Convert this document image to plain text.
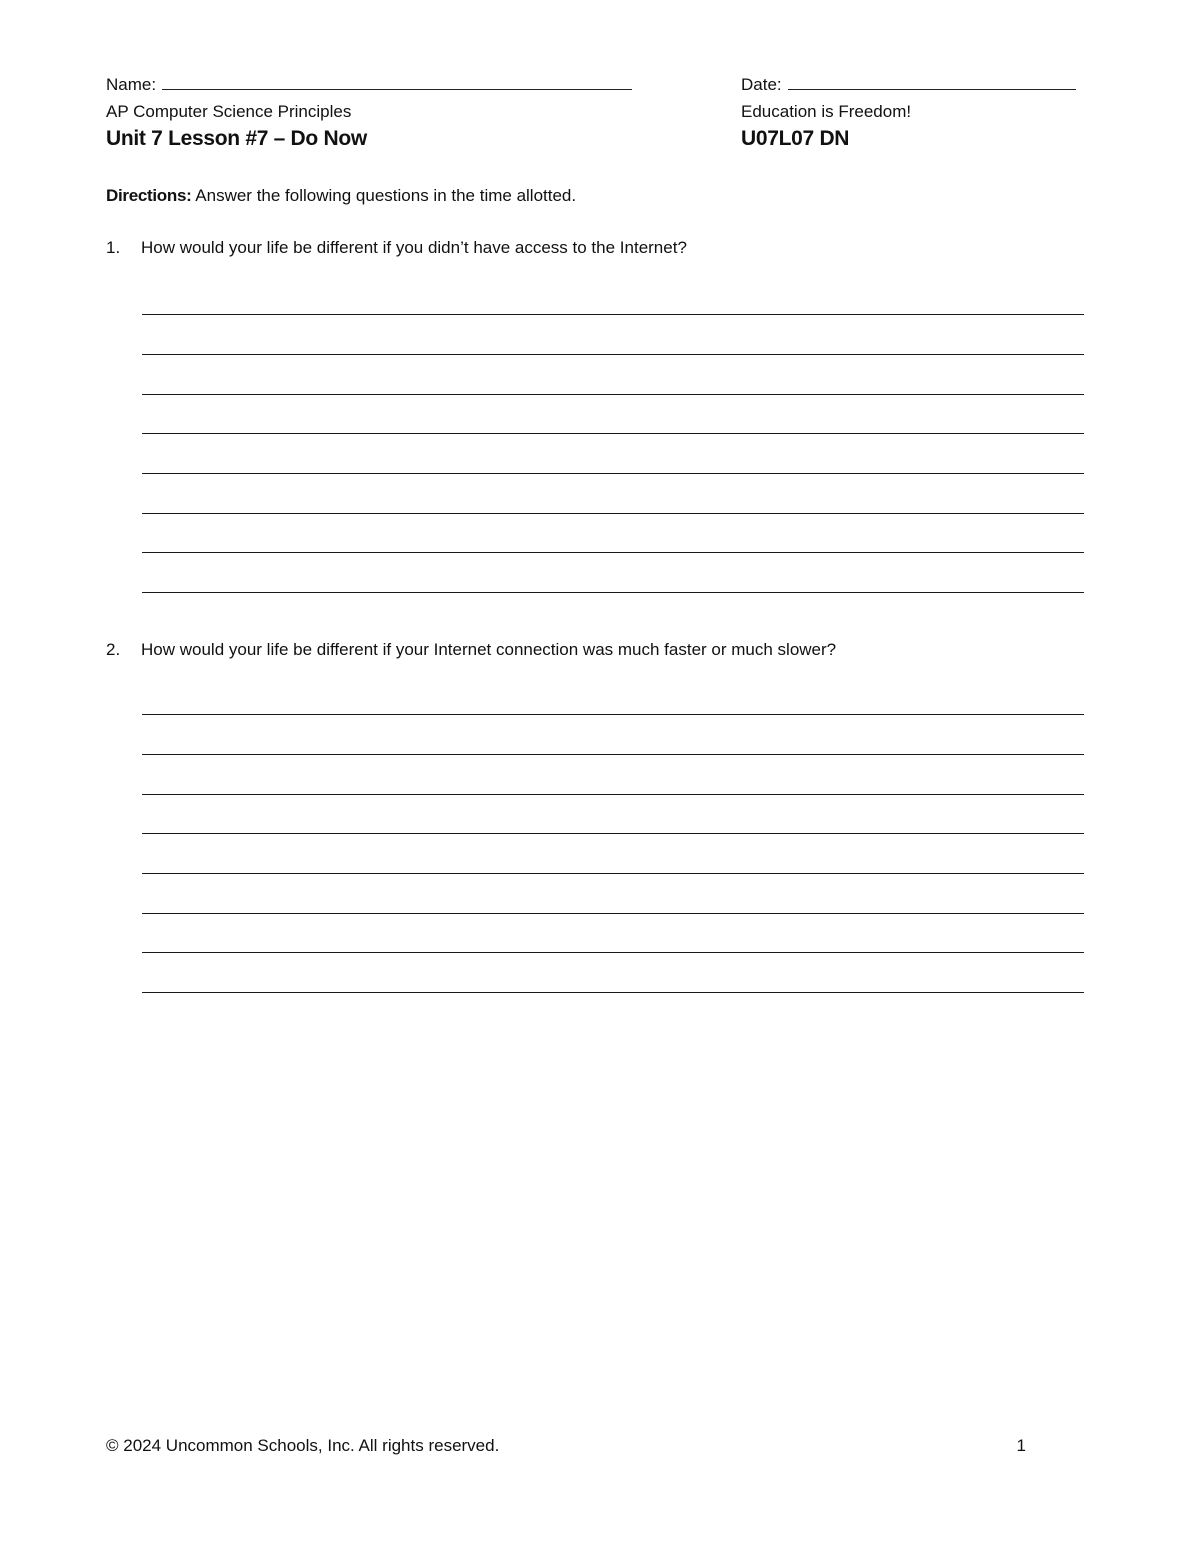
Name:	Date:
AP Computer Science Principles	Education is Freedom!
Unit 7 Lesson #7 – Do Now	U07L07 DN
Directions: Answer the following questions in the time allotted.
1.	How would your life be different if you didn’t have access to the Internet?
2.	How would your life be different if your Internet connection was much faster or much slower?
© 2024 Uncommon Schools, Inc. All rights reserved.	1
